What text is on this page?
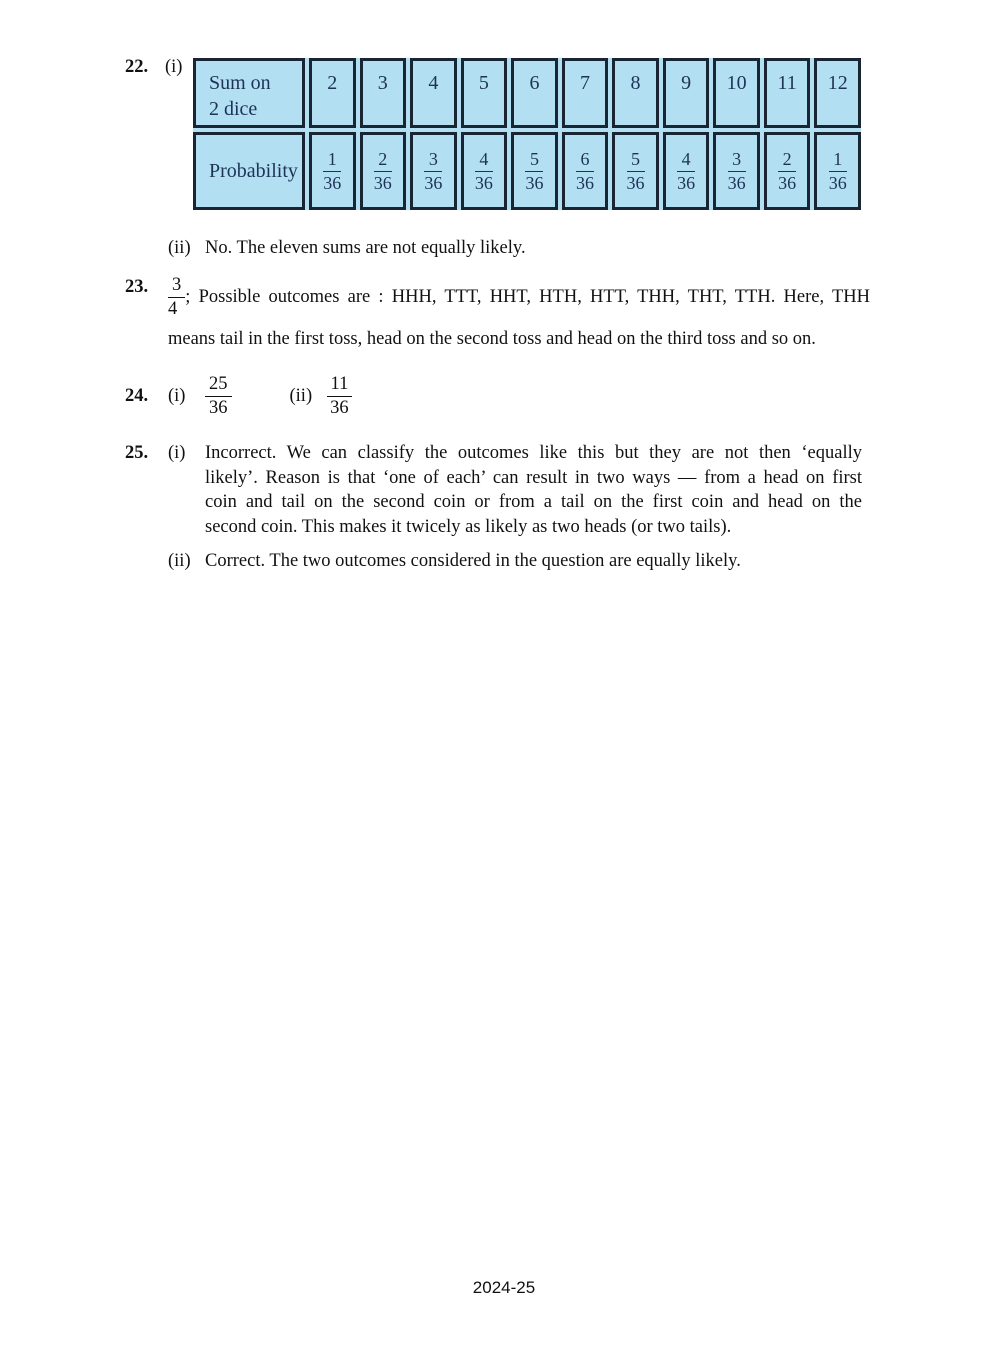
22. (i)
Sum on
2 dice
2	3	4	5	6	7	8	9	10	11	12
Probability	$\frac{1}{36} \frac{2}{36} \frac{3}{36} \frac{4}{36} \frac{5}{36} \frac{6}{36} \frac{5}{36} \frac{4}{36} \frac{3}{36} \frac{2}{36} \frac{1}{36}$
(ii) No. The eleven sums are not equally likely.
23.	$\frac{3}{4}$ ; Possible outcomes are : HHH, TTT, HHT, HTH, HTT, THH, THT, TTH. Here, THH
means tail in the first toss, head on the second toss and head on the third toss and so on.
24.	(i)	$\frac{25}{36}$	$(ii) \frac{11}{36}$
25.	(i)	Incorrect. We can classify the outcomes like this but they are not then ‘equally
likely’. Reason is that ‘one of each’ can result in two ways — from a head on first
coin and tail on the second coin or from a tail on the first coin and head on the
second coin. This makes it twicely as likely as two heads (or two tails).
(ii) Correct. The two outcomes considered in the question are equally likely.
2024-25
